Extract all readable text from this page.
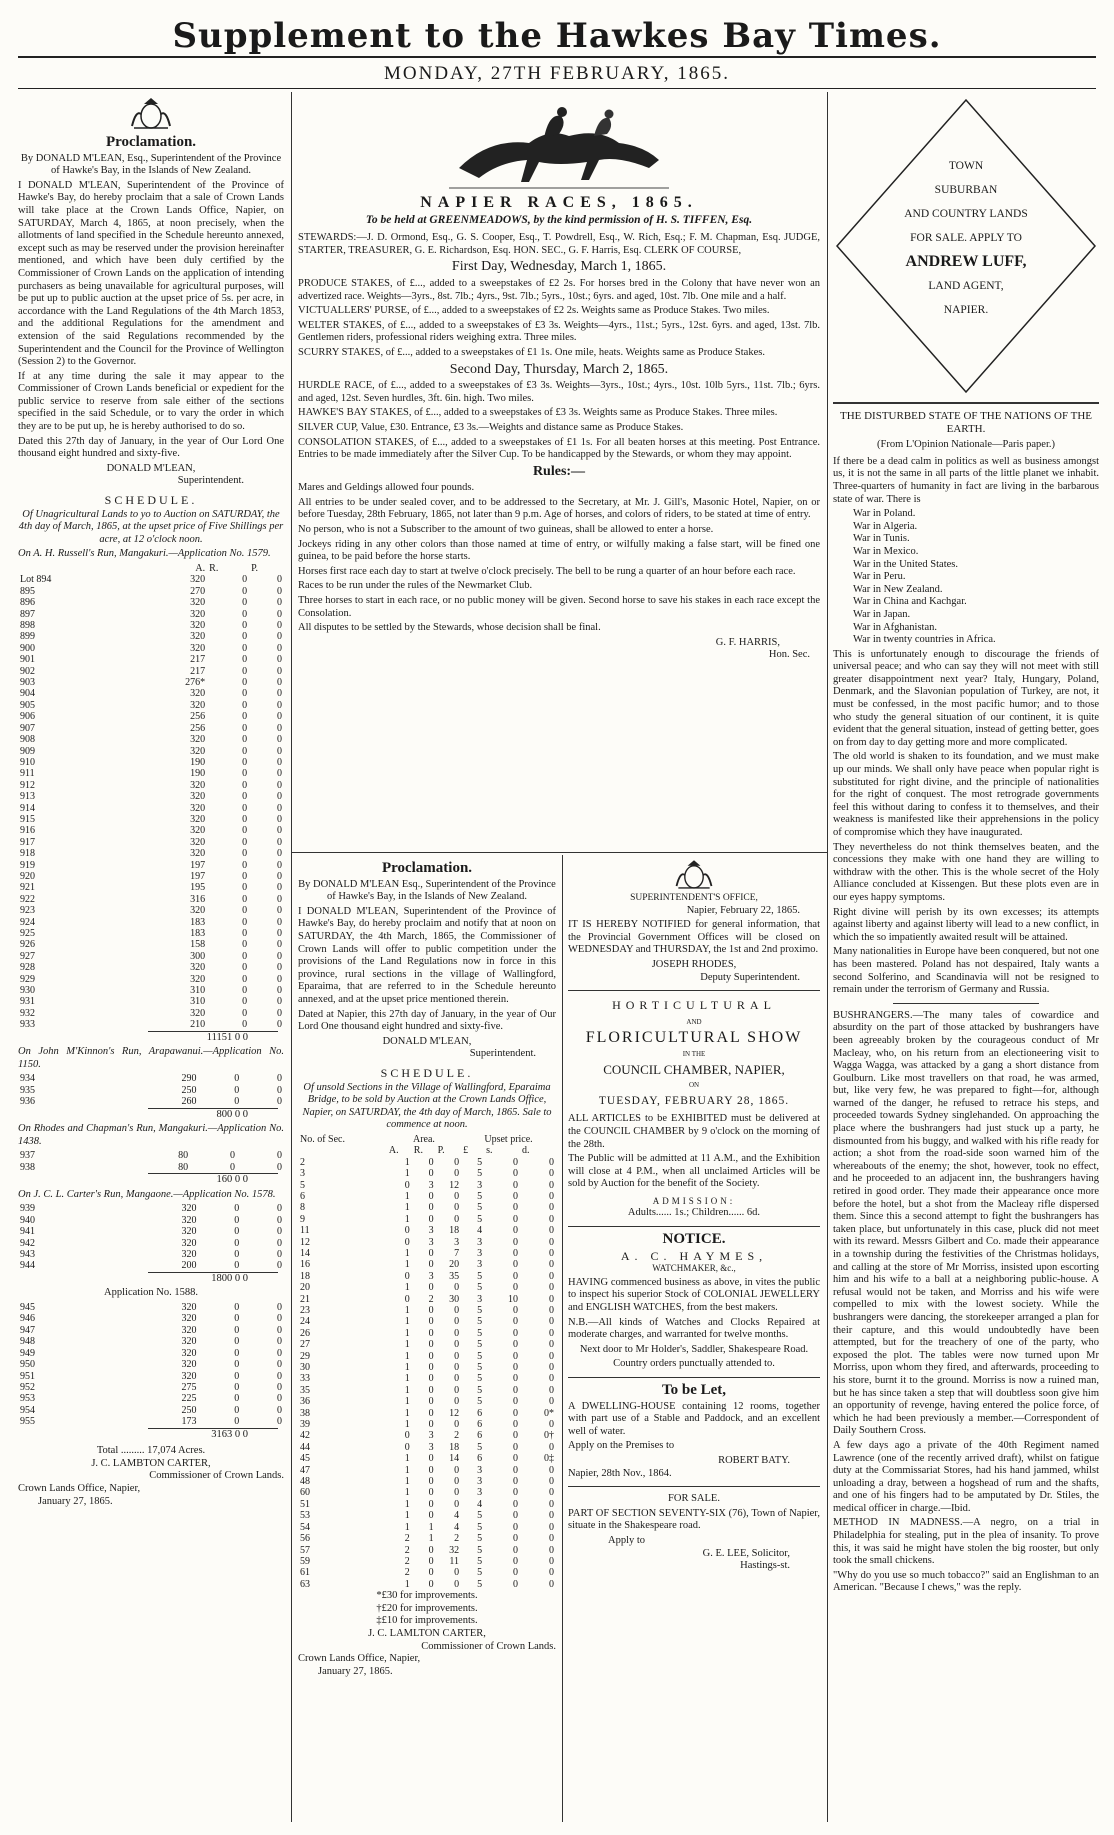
Supplement to the Hawkes Bay Times.
MONDAY, 27TH FEBRUARY, 1865.
Proclamation.

By DONALD M'LEAN, Esq., Superintendent of the Province of Hawke's Bay, in the Islands of New Zealand.

I DONALD M'LEAN, Superintendent of the Province of Hawke's Bay, do hereby proclaim that a sale of Crown Lands will take place at the Crown Lands Office, Napier, on SATURDAY, March 4, 1865, at noon precisely, when the allotments of land specified in the Schedule hereunto annexed, except such as may be reserved under the provision hereinafter mentioned, and which have been duly certified by the Commissioner of Crown Lands on the application of intending purchasers as being unavailable for agricultural purposes, will be put up to public auction at the upset price of 5s. per acre, in accordance with the Land Regulations of the 4th March 1853, and the additional Regulations for the amendment and extension of the said Regulations recommended by the Superintendent and the Council for the Province of Wellington (Session 2) to the Governor.

If at any time during the sale it may appear to the Commissioner of Crown Lands beneficial or expedient for the public service to reserve from sale either of the sections specified in the said Schedule, or to vary the order in which they are to be put up, he is hereby authorised to do so.

Dated this 27th day of January, in the year of Our Lord One thousand eight hundred and sixty-five.

DONALD M'LEAN,
Superintendent.
SCHEDULE.

Of Unagricultural Lands to yo to Auction on SATURDAY, the 4th day of March, 1865, at the upset price of Five Shillings per acre, at 12 o'clock noon.

On A. H. Russell's Run, Mangakuri.—Application No. 1579.

	A.	R.	P.
Lot 894	320	0	0
895	270	0	0
896	320	0	0
897	320	0	0
898	320	0	0
899	320	0	0
900	320	0	0
901	217	0	0
902	217	0	0
903	276*	0	0
904	320	0	0
905	320	0	0
906	256	0	0
907	256	0	0
908	320	0	0
909	320	0	0
910	190	0	0
911	190	0	0
912	320	0	0
913	320	0	0
914	320	0	0
915	320	0	0
916	320	0	0
917	320	0	0
918	320	0	0
919	197	0	0
920	197	0	0
921	195	0	0
922	316	0	0
923	320	0	0
924	183	0	0
925	183	0	0
926	158	0	0
927	300	0	0
928	320	0	0
929	320	0	0
930	310	0	0
931	310	0	0
932	320	0	0
933	210	0	0
11151 0 0

On John M'Kinnon's Run, Arapawanui.—Application No. 1150.

934	290	0	0
935	250	0	0
936	260	0	0
800 0 0

On Rhodes and Chapman's Run, Mangakuri.—Application No. 1438.

937	80	0	0
938	80	0	0
160 0 0

On J. C. L. Carter's Run, Mangaone.—Application No. 1578.

939	320	0	0
940	320	0	0
941	320	0	0
942	320	0	0
943	320	0	0
944	200	0	0
1800 0 0

Application No. 1588.

945	320	0	0
946	320	0	0
947	320	0	0
948	320	0	0
949	320	0	0
950	320	0	0
951	320	0	0
952	275	0	0
953	225	0	0
954	250	0	0
955	173	0	0
3163 0 0
Total ......... 17,074 Acres.
J. C. LAMBTON CARTER,
Commissioner of Crown Lands.
Crown Lands Office, Napier,
January 27, 1865.
NAPIER RACES, 1865.
To be held at GREENMEADOWS, by the kind permission of H. S. TIFFEN, Esq.

STEWARDS:—J. D. Ormond, Esq., G. S. Cooper, Esq., T. Powdrell, Esq., W. Rich, Esq.; F. M. Chapman, Esq. JUDGE, STARTER, TREASURER, G. E. Richardson, Esq. HON. SEC., G. F. Harris, Esq. CLERK OF COURSE,

First Day, Wednesday, March 1, 1865.

PRODUCE STAKES, of £..., added to a sweepstakes of £2 2s. For horses bred in the Colony that have never won an advertized race. Weights—3yrs., 8st. 7lb.; 4yrs., 9st. 7lb.; 5yrs., 10st.; 6yrs. and aged, 10st. 7lb. One mile and a half.

VICTUALLERS' PURSE, of £..., added to a sweepstakes of £2 2s. Weights same as Produce Stakes. Two miles.

WELTER STAKES, of £..., added to a sweepstakes of £3 3s. Weights—4yrs., 11st.; 5yrs., 12st. 6yrs. and aged, 13st. 7lb. Gentlemen riders, professional riders weighing extra. Three miles.

SCURRY STAKES, of £..., added to a sweepstakes of £1 1s. One mile, heats. Weights same as Produce Stakes.

Second Day, Thursday, March 2, 1865.

HURDLE RACE, of £..., added to a sweepstakes of £3 3s. Weights—3yrs., 10st.; 4yrs., 10st. 10lb 5yrs., 11st. 7lb.; 6yrs. and aged, 12st. Seven hurdles, 3ft. 6in. high. Two miles.

HAWKE'S BAY STAKES, of £..., added to a sweepstakes of £3 3s. Weights same as Produce Stakes. Three miles.

SILVER CUP, Value, £30. Entrance, £3 3s.—Weights and distance same as Produce Stakes.

CONSOLATION STAKES, of £..., added to a sweepstakes of £1 1s. For all beaten horses at this meeting. Post Entrance. Entries to be made immediately after the Silver Cup. To be handicapped by the Stewards, or whom they may appoint.

Rules:—

Mares and Geldings allowed four pounds.

All entries to be under sealed cover, and to be addressed to the Secretary, at Mr. J. Gill's, Masonic Hotel, Napier, on or before Tuesday, 28th February, 1865, not later than 9 p.m. Age of horses, and colors of riders, to be stated at time of entry.

No person, who is not a Subscriber to the amount of two guineas, shall be allowed to enter a horse.

Jockeys riding in any other colors than those named at time of entry, or wilfully making a false start, will be fined one guinea, to be paid before the horse starts.

Horses first race each day to start at twelve o'clock precisely. The bell to be rung a quarter of an hour before each race.

Races to be run under the rules of the Newmarket Club.

Three horses to start in each race, or no public money will be given. Second horse to save his stakes in each race except the Consolation.

All disputes to be settled by the Stewards, whose decision shall be final.

G. F. HARRIS,
Hon. Sec.
Proclamation.

By DONALD M'LEAN Esq., Superintendent of the Province of Hawke's Bay, in the Islands of New Zealand.

I DONALD M'LEAN, Superintendent of the Province of Hawke's Bay, do hereby proclaim and notify that at noon on SATURDAY, the 4th March, 1865, the Commissioner of Crown Lands will offer to public competition under the provisions of the Land Regulations now in force in this province, rural sections in the village of Wallingford, Eparaima, that are referred to in the Schedule hereunto annexed, and at the upset price mentioned therein.

Dated at Napier, this 27th day of January, in the year of Our Lord One thousand eight hundred and sixty-five.

DONALD M'LEAN,
Superintendent.
SCHEDULE.

Of unsold Sections in the Village of Wallingford, Eparaima Bridge, to be sold by Auction at the Crown Lands Office, Napier, on SATURDAY, the 4th day of March, 1865. Sale to commence at noon.

No. of Sec.	Area.			Upset price.		
	A.	R.	P.	£	s.	d.
2	1	0	0	5	0	0
3	1	0	0	5	0	0
5	0	3	12	3	0	0
6	1	0	0	5	0	0
8	1	0	0	5	0	0
9	1	0	0	5	0	0
11	0	3	18	4	0	0
12	0	3	3	3	0	0
14	1	0	7	3	0	0
16	1	0	20	3	0	0
18	0	3	35	5	0	0
20	1	0	0	5	0	0
21	0	2	30	3	10	0
23	1	0	0	5	0	0
24	1	0	0	5	0	0
26	1	0	0	5	0	0
27	1	0	0	5	0	0
29	1	0	0	5	0	0
30	1	0	0	5	0	0
33	1	0	0	5	0	0
35	1	0	0	5	0	0
36	1	0	0	5	0	0
38	1	0	12	6	0	0*
39	1	0	0	6	0	0
42	0	3	2	6	0	0†
44	0	3	18	5	0	0
45	1	0	14	6	0	0‡
47	1	0	0	3	0	0
48	1	0	0	3	0	0
60	1	0	0	3	0	0
51	1	0	0	4	0	0
53	1	0	4	5	0	0
54	1	1	4	5	0	0
56	2	1	2	5	0	0
57	2	0	32	5	0	0
59	2	0	11	5	0	0
61	2	0	0	5	0	0
63	1	0	0	5	0	0
*£30 for improvements.
†£20 for improvements.
‡£10 for improvements.
J. C. LAMLTON CARTER,
Commissioner of Crown Lands.
Crown Lands Office, Napier,
January 27, 1865.
SUPERINTENDENT'S OFFICE,
Napier, February 22, 1865.

IT IS HEREBY NOTIFIED for general information, that the Provincial Government Offices will be closed on WEDNESDAY and THURSDAY, the 1st and 2nd proximo.

JOSEPH RHODES,
Deputy Superintendent.
HORTICULTURAL
AND
FLORICULTURAL SHOW
IN THE
COUNCIL CHAMBER, NAPIER,
ON
TUESDAY, FEBRUARY 28, 1865.

ALL ARTICLES to be EXHIBITED must be delivered at the COUNCIL CHAMBER by 9 o'clock on the morning of the 28th.

The Public will be admitted at 11 A.M., and the Exhibition will close at 4 P.M., when all unclaimed Articles will be sold by Auction for the benefit of the Society.

ADMISSION:
Adults...... 1s.; Children...... 6d.
NOTICE.
A. C. HAYMES,
WATCHMAKER, &c.,

HAVING commenced business as above, in vites the public to inspect his superior Stock of COLONIAL JEWELLERY and ENGLISH WATCHES, from the best makers.

N.B.—All kinds of Watches and Clocks Repaired at moderate charges, and warranted for twelve months.

Next door to Mr Holder's, Saddler, Shakespeare Road.

Country orders punctually attended to.

To be Let,

A DWELLING-HOUSE containing 12 rooms, together with part use of a Stable and Paddock, and an excellent well of water.

Apply on the Premises to

ROBERT BATY.
Napier, 28th Nov., 1864.
FOR SALE.

PART OF SECTION SEVENTY-SIX (76), Town of Napier, situate in the Shakespeare road.

Apply to
G. E. LEE, Solicitor,
Hastings-st.
TOWN
SUBURBAN
AND COUNTRY LANDS
FOR SALE. APPLY TO
ANDREW LUFF,
LAND AGENT,
NAPIER.
THE DISTURBED STATE OF THE NATIONS OF THE EARTH.
(From L'Opinion Nationale—Paris paper.)

If there be a dead calm in politics as well as business amongst us, it is not the same in all parts of the little planet we inhabit. Three-quarters of humanity in fact are living in the barbarous state of war. There is

War in Poland.
War in Algeria.
War in Tunis.
War in Mexico.
War in the United States.
War in Peru.
War in New Zealand.
War in China and Kachgar.
War in Japan.
War in Afghanistan.
War in twenty countries in Africa.

This is unfortunately enough to discourage the friends of universal peace; and who can say they will not meet with still greater disappointment next year? Italy, Hungary, Poland, Denmark, and the Slavonian population of Turkey, are not, it must be confessed, in the most pacific humor; and to those who study the general situation of our continent, it is quite evident that the general situation, instead of getting better, goes on from day to day getting more and more complicated.

The old world is shaken to its foundation, and we must make up our minds. We shall only have peace when popular right is substituted for right divine, and the principle of nationalities for the right of conquest. The most retrograde governments feel this without daring to confess it to themselves, and their weakness is manifested like their apprehensions in the policy of compromise which they have inaugurated.

They nevertheless do not think themselves beaten, and the concessions they make with one hand they are willing to withdraw with the other. This is the whole secret of the Holy Alliance concluded at Kissengen. But these plots even are in our eyes happy symptoms.

Right divine will perish by its own excesses; its attempts against liberty and against liberty will lead to a new conflict, in which the so impatiently awaited result will be attained.

Many nationalities in Europe have been conquered, but not one has been mastered. Poland has not despaired, Italy wants a second Solferino, and Scandinavia will not be resigned to remain under the terrorism of Germany and Russia.

BUSHRANGERS.—The many tales of cowardice and absurdity on the part of those attacked by bushrangers have been agreeably broken by the courageous conduct of Mr Macleay, who, on his return from an electioneering visit to Wagga Wagga, was attacked by a gang a short distance from Goulburn. Like most travellers on that road, he was armed, but, like very few, he was prepared to fight—for, although warned of the danger, he refused to retrace his steps, and proceeded towards Sydney singlehanded. On approaching the place where the bushrangers had just stuck up a party, he dismounted from his buggy, and walked with his rifle ready for action; a shot from the road-side soon warned him of the whereabouts of the enemy; the shot, however, took no effect, and he proceeded to an adjacent inn, the bushrangers having retired in good order. They made their appearance once more before the hotel, but a shot from the Macleay rifle dispersed them. Since this a second attempt to fight the bushrangers has taken place, but unfortunately in this case, pluck did not meet with its reward. Messrs Gilbert and Co. made their appearance in a township during the festivities of the Christmas holidays, and calling at the store of Mr Morriss, insisted upon escorting him and his wife to a ball at a neighboring public-house. A refusal would not be taken, and Morriss and his wife were compelled to mix with the lowest society. While the bushrangers were dancing, the storekeeper arranged a plan for their capture, and this would undoubtedly have been attempted, but for the treachery of one of the party, who exposed the plot. The tables were now turned upon Mr Morriss, upon whom they fired, and afterwards, proceeding to his store, burnt it to the ground. Morriss is now a ruined man, but he has since taken a step that will doubtless soon give him an opportunity of revenge, having entered the police force, of which he had been previously a member.—Correspondent of Daily Southern Cross.

A few days ago a private of the 40th Regiment named Lawrence (one of the recently arrived draft), whilst on fatigue duty at the Commissariat Stores, had his hand jammed, whilst unloading a dray, between a hogshead of rum and the shafts, and one of his fingers had to be amputated by Dr. Stiles, the medical officer in charge.—Ibid.

METHOD IN MADNESS.—A negro, on a trial in Philadelphia for stealing, put in the plea of insanity. To prove this, it was said he might have stolen the big rooster, but only took the small chickens.

"Why do you use so much tobacco?" said an Englishman to an American. "Because I chews," was the reply.
